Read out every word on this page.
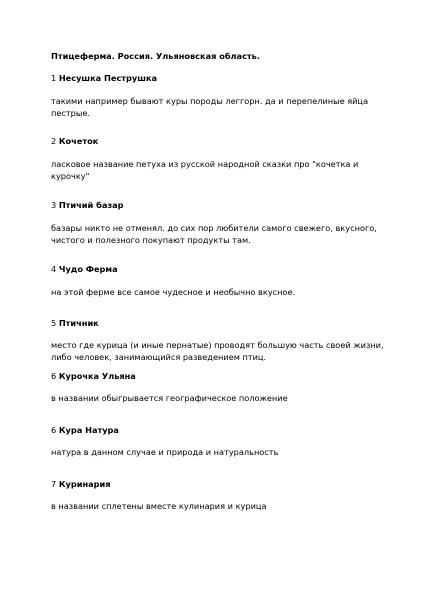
Птицеферма. Россия. Ульяновская область.

1 Несушка Пеструшка

такими например бывают куры породы леггорн. да и перепелиные яйца пестрые.

2 Кочеток

ласковое название петуха из русской народной сказки про "кочетка и курочку"

3 Птичий базар

базары никто не отменял. до сих пор любители самого свежего, вкусного, чистого и полезного покупают продукты там.

4 Чудо Ферма

на этой ферме все самое чудесное и необычно вкусное.

5 Птичник

место где курица (и иные пернатые) проводят большую часть своей жизни, либо человек, занимающийся разведением птиц.

6 Курочка Ульяна

в названии обыгрывается географическое положение

6 Кура Натура

натура в данном случае и природа и натуральность

7 Куринария

в названии сплетены вместе кулинария и курица
